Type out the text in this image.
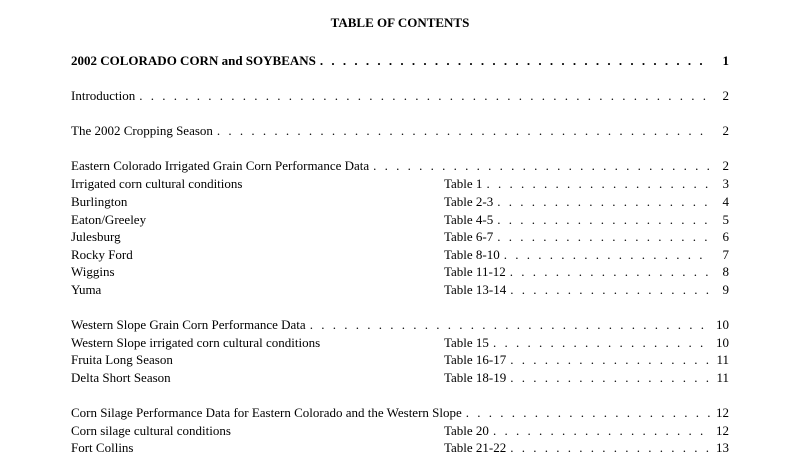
TABLE OF CONTENTS
2002 COLORADO CORN and SOYBEANS . . .	1
Introduction . . .	2
The 2002 Cropping Season . . .	2
Eastern Colorado Irrigated Grain Corn Performance Data . . .	2
Irrigated corn cultural conditions	Table 1 . . .	3
Burlington	Table 2-3 . . .	4
Eaton/Greeley	Table 4-5 . . .	5
Julesburg	Table 6-7 . . .	6
Rocky Ford	Table 8-10 . . .	7
Wiggins	Table 11-12 . . .	8
Yuma	Table 13-14 . . .	9
Western Slope Grain Corn Performance Data . . .	10
Western Slope irrigated corn cultural conditions	Table 15 . . .	10
Fruita Long Season	Table 16-17 . . .	11
Delta Short Season	Table 18-19 . . .	11
Corn Silage Performance Data for Eastern Colorado and the Western Slope . . .	12
Corn silage cultural conditions	Table 20 . . .	12
Fort Collins	Table 21-22 . . .	13
